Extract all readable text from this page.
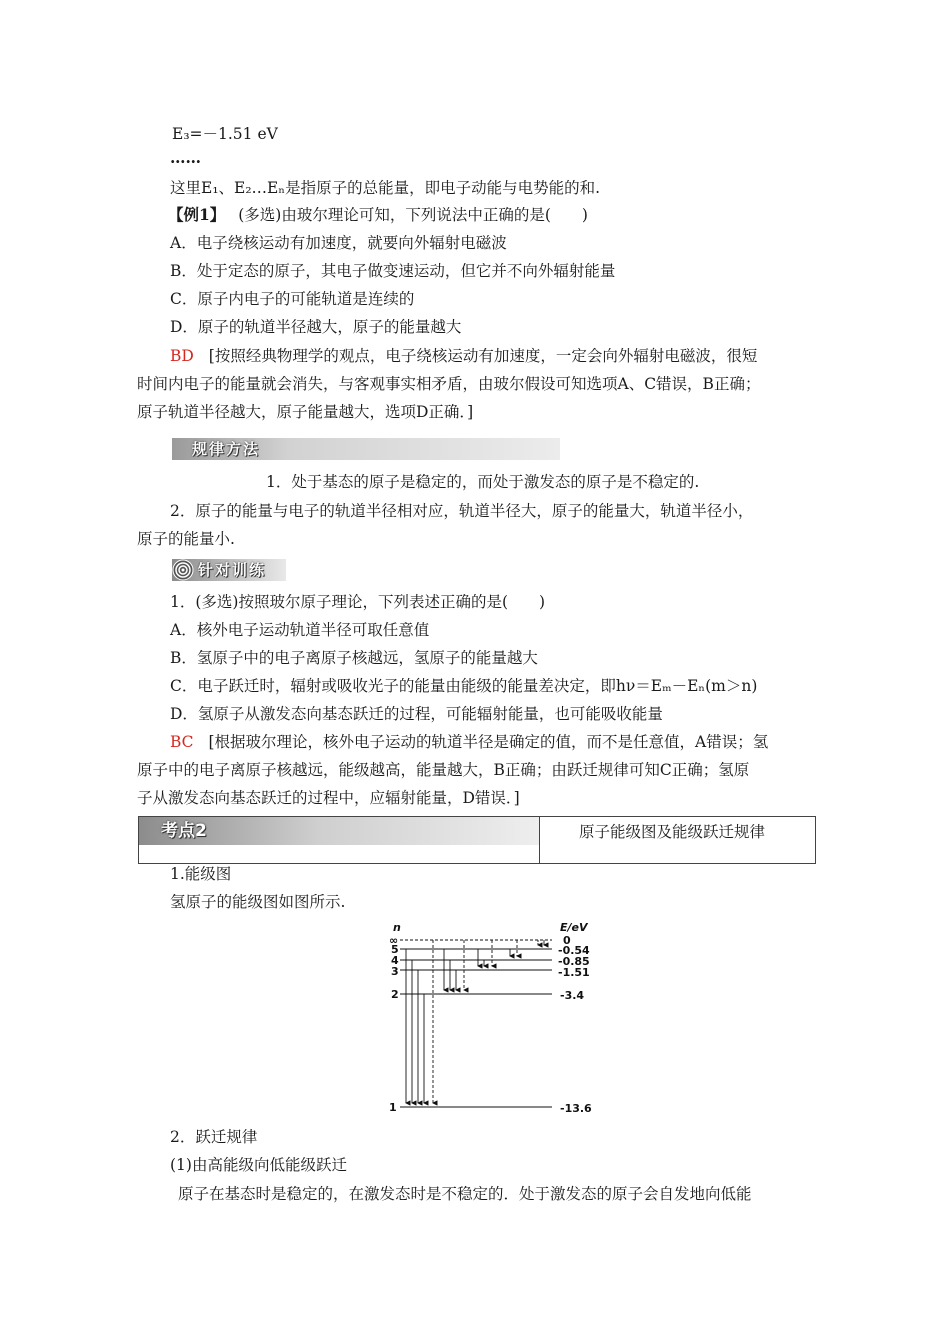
E₃=－1.51 eV
……
这里E₁、E₂…Eₙ是指原子的总能量，即电子动能与电势能的和.
【例1】 (多选)由玻尔理论可知，下列说法中正确的是(　　)
A．电子绕核运动有加速度，就要向外辐射电磁波
B．处于定态的原子，其电子做变速运动，但它并不向外辐射能量
C．原子内电子的可能轨道是连续的
D．原子的轨道半径越大，原子的能量越大
BD [按照经典物理学的观点，电子绕核运动有加速度，一定会向外辐射电磁波，很短
时间内电子的能量就会消失，与客观事实相矛盾，由玻尔假设可知选项A、C错误，B正确；
原子轨道半径越大，原子能量越大，选项D正确．]
规律方法
1．处于基态的原子是稳定的，而处于激发态的原子是不稳定的.
2．原子的能量与电子的轨道半径相对应，轨道半径大，原子的能量大，轨道半径小，
原子的能量小.
针对训练
1．(多选)按照玻尔原子理论，下列表述正确的是(　　)
A．核外电子运动轨道半径可取任意值
B．氢原子中的电子离原子核越远，氢原子的能量越大
C．电子跃迁时，辐射或吸收光子的能量由能级的能量差决定，即hν＝Eₘ－Eₙ(m＞n)
D．氢原子从激发态向基态跃迁的过程，可能辐射能量，也可能吸收能量
BC [根据玻尔理论，核外电子运动的轨道半径是确定的值，而不是任意值，A错误；氢
原子中的电子离原子核越远，能级越高，能量越大，B正确；由跃迁规律可知C正确；氢原
子从激发态向基态跃迁的过程中，应辐射能量，D错误．]
考点2	原子能级图及能级跃迁规律
1.能级图
氢原子的能级图如图所示.
n	E/eV
∞
5
4
3
2
1
0
-0.54
-0.85
-1.51
-3.4
-13.6
2．跃迁规律
(1)由高能级向低能级跃迁
原子在基态时是稳定的，在激发态时是不稳定的．处于激发态的原子会自发地向低能
